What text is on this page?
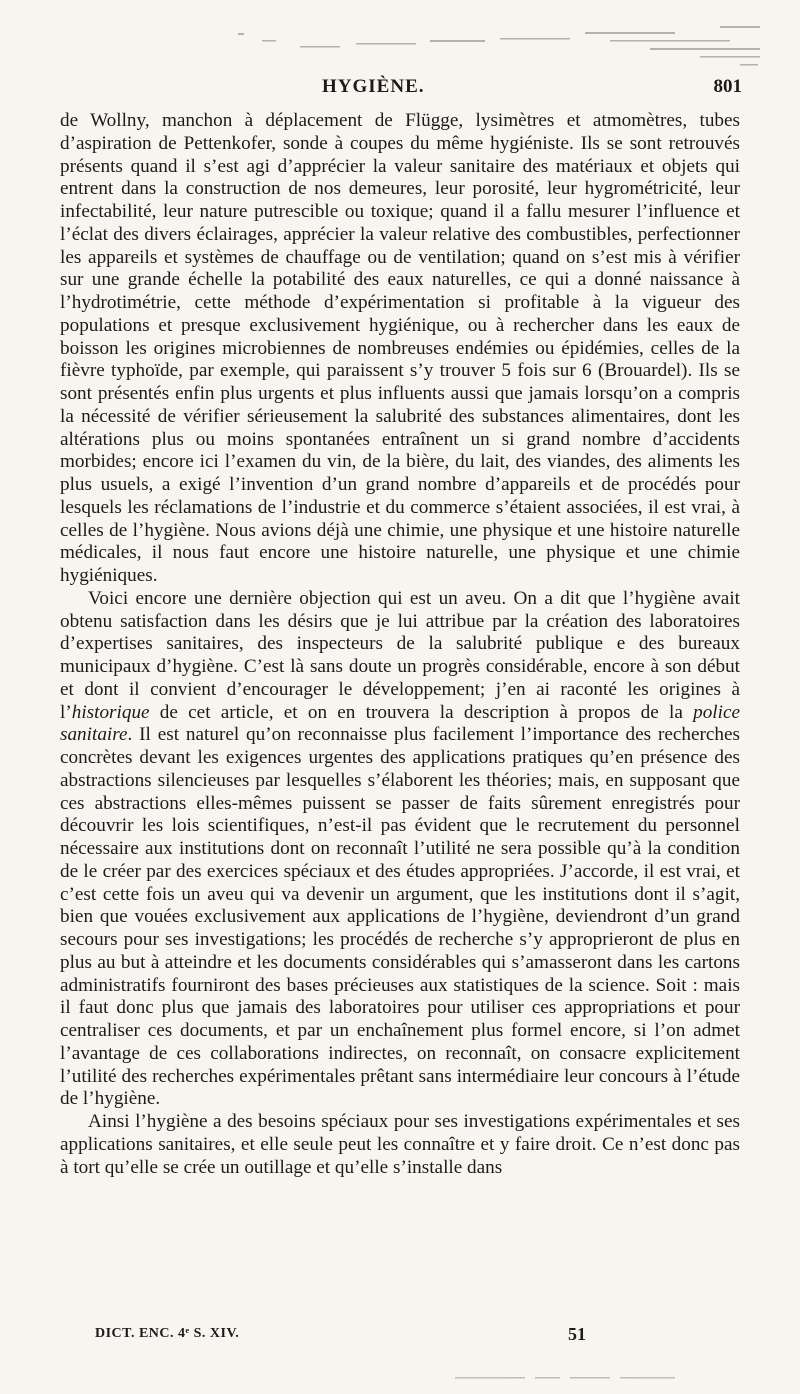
HYGIÈNE.	801

de Wollny, manchon à déplacement de Flügge, lysimètres et atmomètres, tubes d’aspiration de Pettenkofer, sonde à coupes du même hygiéniste. Ils se sont retrouvés présents quand il s’est agi d’apprécier la valeur sanitaire des matériaux et objets qui entrent dans la construction de nos demeures, leur porosité, leur hygrométricité, leur infectabilité, leur nature putrescible ou toxique; quand il a fallu mesurer l’influence et l’éclat des divers éclairages, apprécier la valeur relative des combustibles, perfectionner les appareils et systèmes de chauffage ou de ventilation; quand on s’est mis à vérifier sur une grande échelle la potabilité des eaux naturelles, ce qui a donné naissance à l’hydrotimétrie, cette méthode d’expérimentation si profitable à la vigueur des populations et presque exclusivement hygiénique, ou à rechercher dans les eaux de boisson les origines microbiennes de nombreuses endémies ou épidémies, celles de la fièvre typhoïde, par exemple, qui paraissent s’y trouver 5 fois sur 6 (Brouardel). Ils se sont présentés enfin plus urgents et plus influents aussi que jamais lorsqu’on a compris la nécessité de vérifier sérieusement la salubrité des substances alimentaires, dont les altérations plus ou moins spontanées entraînent un si grand nombre d’accidents morbides; encore ici l’examen du vin, de la bière, du lait, des viandes, des aliments les plus usuels, a exigé l’invention d’un grand nombre d’appareils et de procédés pour lesquels les réclamations de l’industrie et du commerce s’étaient associées, il est vrai, à celles de l’hygiène. Nous avions déjà une chimie, une physique et une histoire naturelle médicales, il nous faut encore une histoire naturelle, une physique et une chimie hygiéniques.

Voici encore une dernière objection qui est un aveu. On a dit que l’hygiène avait obtenu satisfaction dans les désirs que je lui attribue par la création des laboratoires d’expertises sanitaires, des inspecteurs de la salubrité publique e des bureaux municipaux d’hygiène. C’est là sans doute un progrès considérable, encore à son début et dont il convient d’encourager le développement; j’en ai raconté les origines à l’historique de cet article, et on en trouvera la description à propos de la police sanitaire. Il est naturel qu’on reconnaisse plus facilement l’importance des recherches concrètes devant les exigences urgentes des applications pratiques qu’en présence des abstractions silencieuses par lesquelles s’élaborent les théories; mais, en supposant que ces abstractions elles-mêmes puissent se passer de faits sûrement enregistrés pour découvrir les lois scientifiques, n’est-il pas évident que le recrutement du personnel nécessaire aux institutions dont on reconnaît l’utilité ne sera possible qu’à la condition de le créer par des exercices spéciaux et des études appropriées. J’accorde, il est vrai, et c’est cette fois un aveu qui va devenir un argument, que les institutions dont il s’agit, bien que vouées exclusivement aux applications de l’hygiène, deviendront d’un grand secours pour ses investigations; les procédés de recherche s’y approprieront de plus en plus au but à atteindre et les documents considérables qui s’amasseront dans les cartons administratifs fourniront des bases précieuses aux statistiques de la science. Soit : mais il faut donc plus que jamais des laboratoires pour utiliser ces appropriations et pour centraliser ces documents, et par un enchaînement plus formel encore, si l’on admet l’avantage de ces collaborations indirectes, on reconnaît, on consacre explicitement l’utilité des recherches expérimentales prêtant sans intermédiaire leur concours à l’étude de l’hygiène.

Ainsi l’hygiène a des besoins spéciaux pour ses investigations expérimentales et ses applications sanitaires, et elle seule peut les connaître et y faire droit. Ce n’est donc pas à tort qu’elle se crée un outillage et qu’elle s’installe dans

DICT. ENC. 4ᵉ S. XIV.	51
